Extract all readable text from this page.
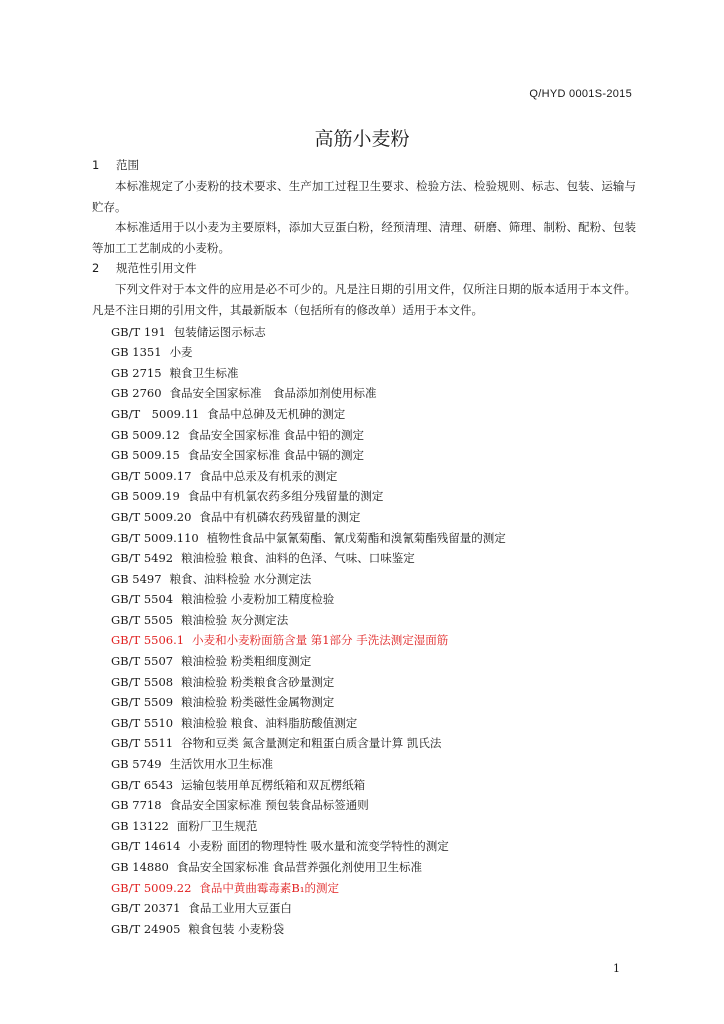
Q/HYD 0001S-2015
高筋小麦粉
1 范围

本标准规定了小麦粉的技术要求、生产加工过程卫生要求、检验方法、检验规则、标志、包装、运输与贮存。

本标准适用于以小麦为主要原料，添加大豆蛋白粉，经预清理、清理、研磨、筛理、制粉、配粉、包装等加工工艺制成的小麦粉。

2 规范性引用文件

下列文件对于本文件的应用是必不可少的。凡是注日期的引用文件，仅所注日期的版本适用于本文件。凡是不注日期的引用文件，其最新版本（包括所有的修改单）适用于本文件。

GB/T 191 包装储运图示标志
GB 1351 小麦
GB 2715 粮食卫生标准
GB 2760 食品安全国家标准　食品添加剂使用标准
GB/T　5009.11 食品中总砷及无机砷的测定
GB 5009.12 食品安全国家标准 食品中铅的测定
GB 5009.15 食品安全国家标准 食品中镉的测定
GB/T 5009.17 食品中总汞及有机汞的测定
GB 5009.19 食品中有机氯农药多组分残留量的测定
GB/T 5009.20 食品中有机磷农药残留量的测定
GB/T 5009.110 植物性食品中氯氰菊酯、氰戊菊酯和溴氰菊酯残留量的测定
GB/T 5492 粮油检验 粮食、油料的色泽、气味、口味鉴定
GB 5497 粮食、油料检验 水分测定法
GB/T 5504 粮油检验 小麦粉加工精度检验
GB/T 5505 粮油检验 灰分测定法
GB/T 5506.1 小麦和小麦粉面筋含量 第1部分 手洗法测定湿面筋
GB/T 5507 粮油检验 粉类粗细度测定
GB/T 5508 粮油检验 粉类粮食含砂量测定
GB/T 5509 粮油检验 粉类磁性金属物测定
GB/T 5510 粮油检验 粮食、油料脂肪酸值测定
GB/T 5511 谷物和豆类 氮含量测定和粗蛋白质含量计算 凯氏法
GB 5749 生活饮用水卫生标准
GB/T 6543 运输包装用单瓦楞纸箱和双瓦楞纸箱
GB 7718 食品安全国家标准 预包装食品标签通则
GB 13122 面粉厂卫生规范
GB/T 14614 小麦粉 面团的物理特性 吸水量和流变学特性的测定
GB 14880 食品安全国家标准 食品营养强化剂使用卫生标准
GB/T 5009.22 食品中黄曲霉毒素B₁的测定
GB/T 20371 食品工业用大豆蛋白
GB/T 24905 粮食包装 小麦粉袋
1
